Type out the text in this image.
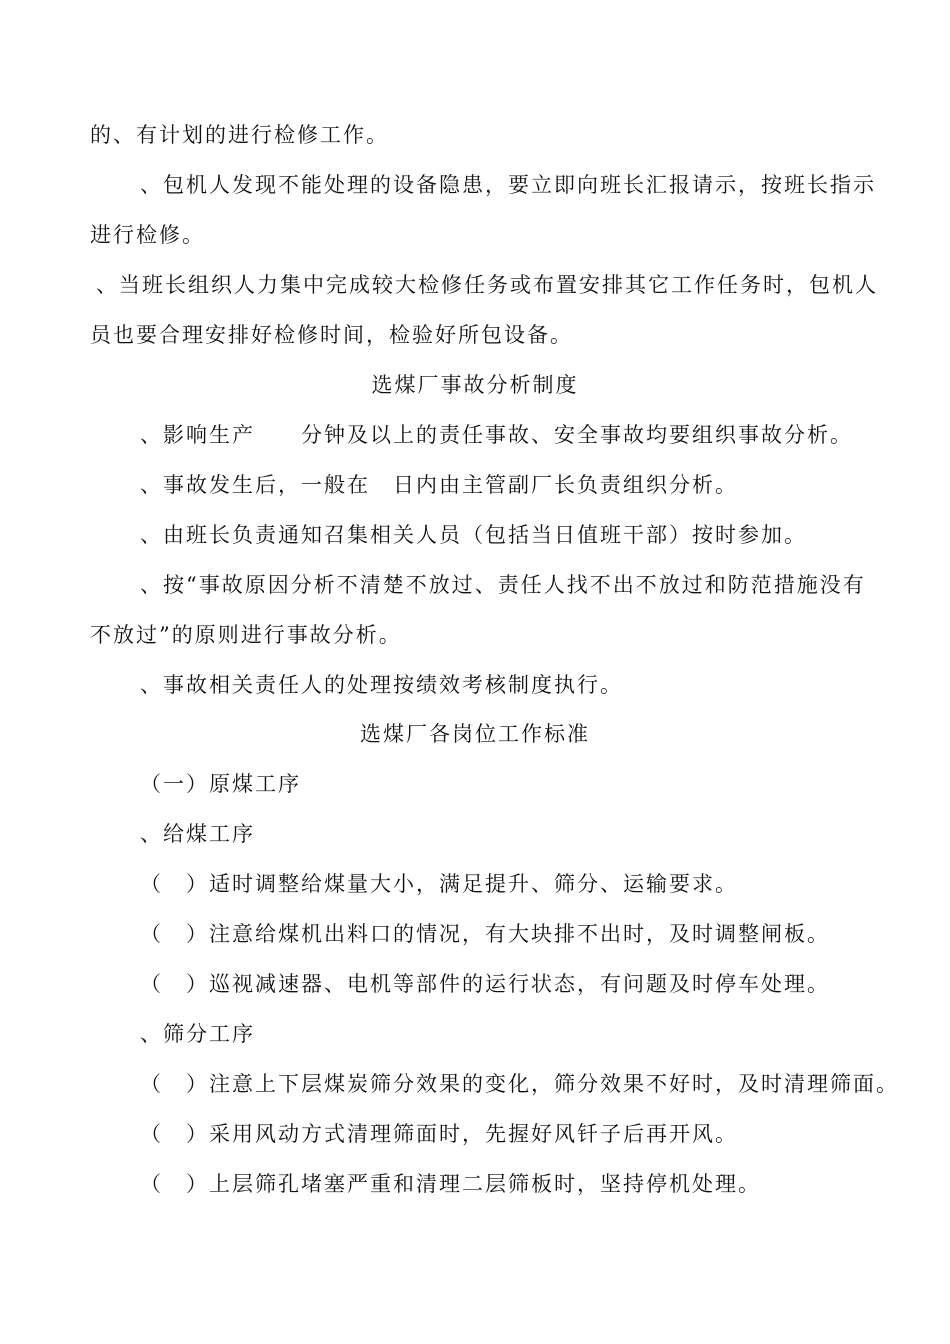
的、有计划的进行检修工作。
、包机人发现不能处理的设备隐患，要立即向班长汇报请示，按班长指示
进行检修。
、当班长组织人力集中完成较大检修任务或布置安排其它工作任务时，包机人
员也要合理安排好检修时间，检验好所包设备。
选煤厂事故分析制度
、影响生产　　分钟及以上的责任事故、安全事故均要组织事故分析。
、事故发生后，一般在　日内由主管副厂长负责组织分析。
、由班长负责通知召集相关人员（包括当日值班干部）按时参加。
、按“事故原因分析不清楚不放过、责任人找不出不放过和防范措施没有
不放过”的原则进行事故分析。
、事故相关责任人的处理按绩效考核制度执行。
选煤厂各岗位工作标准
（一）原煤工序
、给煤工序
（　）适时调整给煤量大小，满足提升、筛分、运输要求。
（　）注意给煤机出料口的情况，有大块排不出时，及时调整闸板。
（　）巡视减速器、电机等部件的运行状态，有问题及时停车处理。
、筛分工序
（　）注意上下层煤炭筛分效果的变化，筛分效果不好时，及时清理筛面。
（　）采用风动方式清理筛面时，先握好风钎子后再开风。
（　）上层筛孔堵塞严重和清理二层筛板时，坚持停机处理。
